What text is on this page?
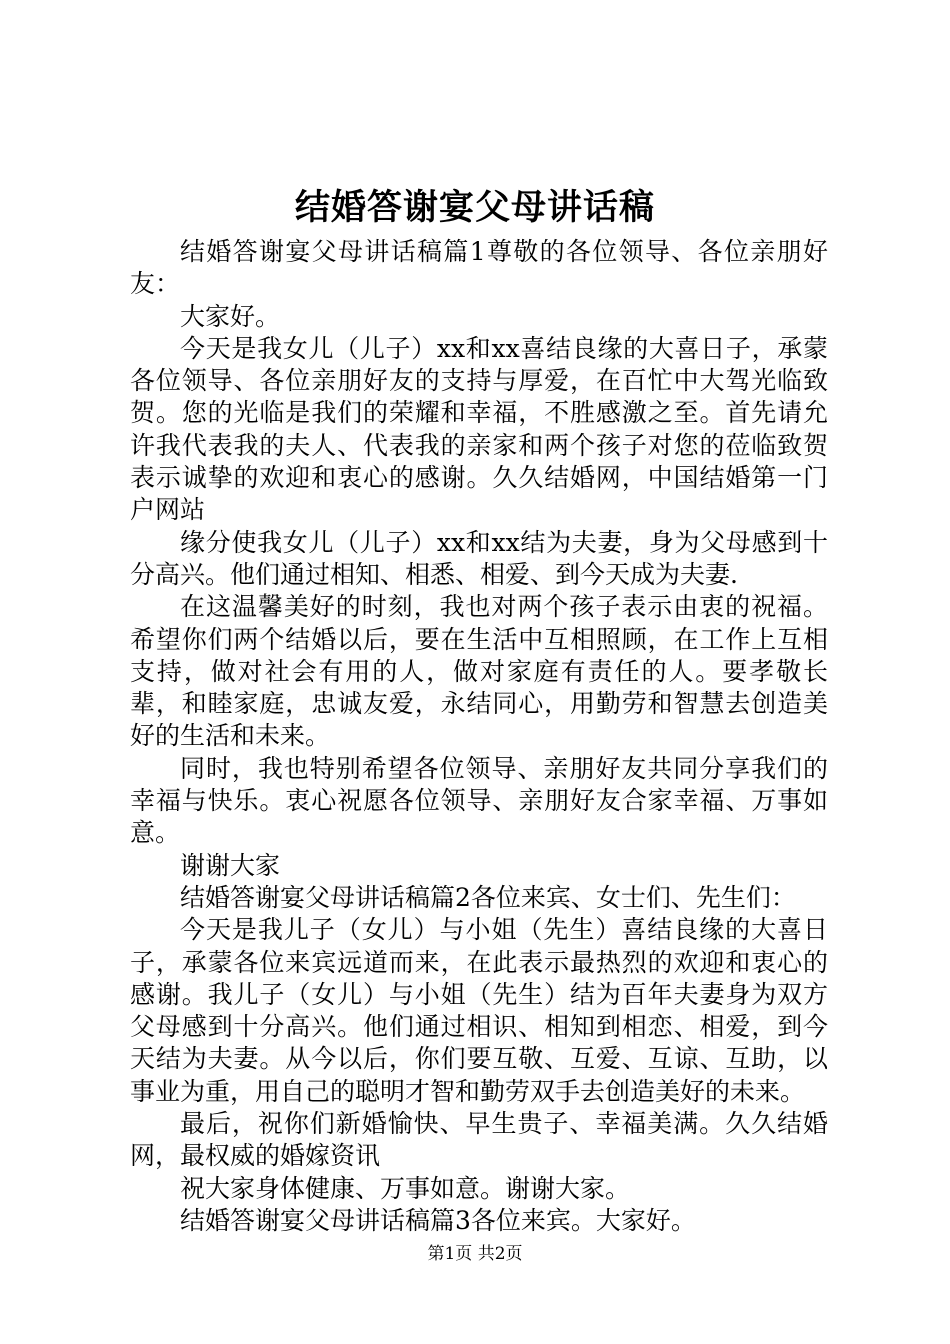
结婚答谢宴父母讲话稿

结婚答谢宴父母讲话稿篇1尊敬的各位领导、各位亲朋好友：

大家好。

今天是我女儿（儿子）xx和xx喜结良缘的大喜日子，承蒙各位领导、各位亲朋好友的支持与厚爱，在百忙中大驾光临致贺。您的光临是我们的荣耀和幸福，不胜感激之至。首先请允许我代表我的夫人、代表我的亲家和两个孩子对您的莅临致贺表示诚挚的欢迎和衷心的感谢。久久结婚网，中国结婚第一门户网站

缘分使我女儿（儿子）xx和xx结为夫妻，身为父母感到十分高兴。他们通过相知、相悉、相爱、到今天成为夫妻.

在这温馨美好的时刻，我也对两个孩子表示由衷的祝福。希望你们两个结婚以后，要在生活中互相照顾，在工作上互相支持，做对社会有用的人，做对家庭有责任的人。要孝敬长辈，和睦家庭，忠诚友爱，永结同心，用勤劳和智慧去创造美好的生活和未来。

同时，我也特别希望各位领导、亲朋好友共同分享我们的幸福与快乐。衷心祝愿各位领导、亲朋好友合家幸福、万事如意。

谢谢大家

结婚答谢宴父母讲话稿篇2各位来宾、女士们、先生们：

今天是我儿子（女儿）与小姐（先生）喜结良缘的大喜日子，承蒙各位来宾远道而来，在此表示最热烈的欢迎和衷心的感谢。我儿子（女儿）与小姐（先生）结为百年夫妻身为双方父母感到十分高兴。他们通过相识、相知到相恋、相爱，到今天结为夫妻。从今以后，你们要互敬、互爱、互谅、互助，以事业为重，用自己的聪明才智和勤劳双手去创造美好的未来。

最后，祝你们新婚愉快、早生贵子、幸福美满。久久结婚网，最权威的婚嫁资讯

祝大家身体健康、万事如意。谢谢大家。

结婚答谢宴父母讲话稿篇3各位来宾。大家好。

第1页 共2页
